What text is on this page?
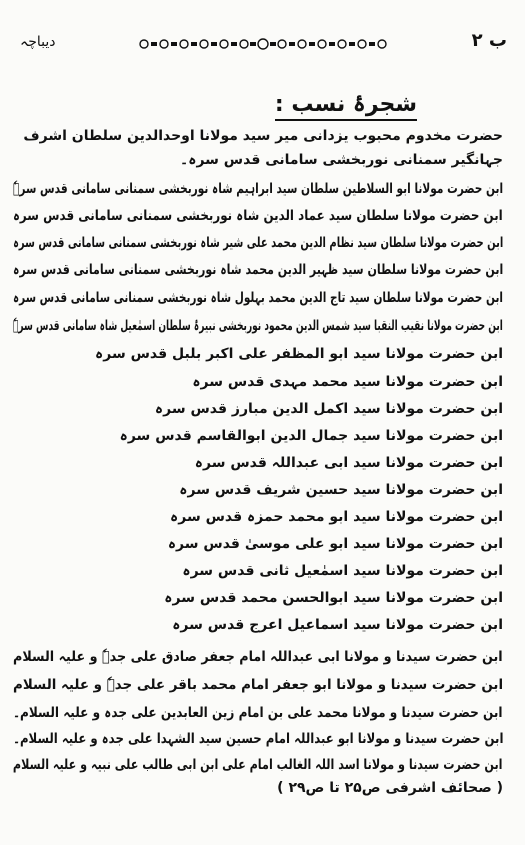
ب ۲
دیباچہ
شجرۂ نسب :
حضرت مخدوم محبوب یزدانی میر سید مولانا اوحدالدین سلطان اشرف جہانگیر سمنانی نوربخشی سامانی قدس سرہ۔
ابن حضرت مولانا ابو السلاطین سلطان سید ابراہیم شاہ نوربخشی سمنانی سامانی قدس سرہٗ
ابن حضرت مولانا سلطان سید عماد الدین شاہ نوربخشی سمنانی سامانی قدس سرہ
ابن حضرت مولانا سلطان سید نظام الدین محمد علی شیر شاہ نوربخشی سمنانی سامانی قدس سرہ
ابن حضرت مولانا سلطان سید ظہیر الدین محمد شاہ نوربخشی سمنانی سامانی قدس سرہ
ابن حضرت مولانا سلطان سید تاج الدین محمد بہلول شاہ نوربخشی سمنانی سامانی قدس سرہ
ابن حضرت مولانا نقیب النقبا سید شمس الدین محمود نوربخشی نبیرۂ سلطان اسمٰعیل شاہ سامانی قدس سرہٗ
ابن حضرت مولانا سید ابو المظفر علی اکبر بلبل قدس سرہ
ابن حضرت مولانا سید محمد مہدی قدس سرہ
ابن حضرت مولانا سید اکمل الدین مبارز قدس سرہ
ابن حضرت مولانا سید جمال الدین ابوالقاسم قدس سرہ
ابن حضرت مولانا سید ابی عبداللہ قدس سرہ
ابن حضرت مولانا سید حسین شریف قدس سرہ
ابن حضرت مولانا سید ابو محمد حمزہ قدس سرہ
ابن حضرت مولانا سید ابو علی موسیٰ قدس سرہ
ابن حضرت مولانا سید اسمٰعیل ثانی قدس سرہ
ابن حضرت مولانا سید ابوالحسن محمد قدس سرہ
ابن حضرت مولانا سید اسماعیل اعرج قدس سرہ
ابن حضرت سیدنا و مولانا ابی عبداللہ امام جعفر صادق علی جدہٗ و علیہ السلام
ابن حضرت سیدنا و مولانا ابو جعفر امام محمد باقر علی جدہٗ و علیہ السلام
ابن حضرت سیدنا و مولانا محمد علی بن امام زین العابدین علی جدہ و علیہ السلام۔
ابن حضرت سیدنا و مولانا ابو عبداللہ امام حسین سید الشہدا علی جدہ و علیہ السلام۔
ابن حضرت سیدنا و مولانا اسد اللہ الغالب امام علی ابن ابی طالب علی نبیہ و علیہ السلام
( صحائف اشرفی ص۲۵ تا ص۲۹ )
